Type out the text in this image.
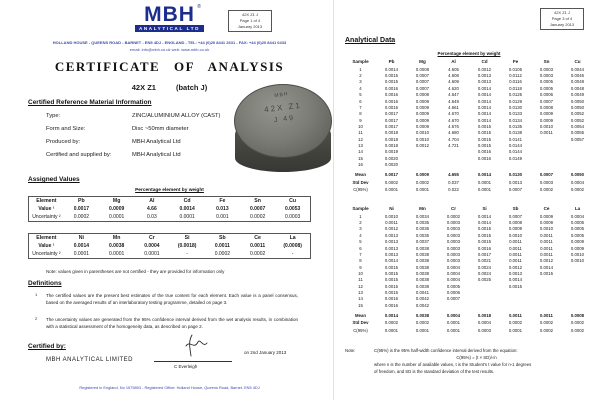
42X Z1 J
Page 1 of 4
January 2013
MBH ®
ANALYTICAL LTD
HOLLAND HOUSE - QUEENS ROAD - BARNET - EN5 4DJ - ENGLAND - TEL: +44 (0)20 8441 2631 - FAX: +44 (0)20 8441 0433
email: info@mbh.co.uk web: www.mbh.co.uk
CERTIFICATE OF ANALYSIS
42X Z1	(batch J)
Certified Reference Material Information
Type:	ZINC/ALUMINIUM ALLOY (CAST)
Form and Size:	Disc ~50mm diameter
Produced by:	MBH Analytical Ltd
Certified and supplied by:	MBH Analytical Ltd
MBH
42X Z1
J 49
Assigned Values
Percentage element by weight
Element	Pb	Mg	Al	Cd	Fe	Sn	Cu
Value ¹	0.0017	0.0009	4.66	0.0014	0.013	0.0007	0.0053
Uncertainty ²	0.0002	0.0001	0.03	0.0001	0.001	0.0002	0.0003
Element	Ni	Mn	Cr	Si	Sb	Ce	La
Value ¹	0.0014	0.0038	0.0004	(0.0018)	0.0011	0.0011	(0.0008)
Uncertainty ²	0.0001	0.0001	0.0001	-	0.0002	0.0002	-
Note: values given in parentheses are not certified - they are provided for information only
Definitions
1 The certified values are the present best estimates of the true content for each element. Each value is a panel consensus, based on the averaged results of an interlaboratory testing programme, detailed on page 3.
2 The uncertainty values are generated from the 95% confidence interval derived from the wet analysis results, in combination with a statistical assessment of the homogeneity data, as described on page 2.
Certified by:
MBH ANALYTICAL LIMITED
on 2nd January 2013
C Everleigh
Registered in England, No 1575853 - Registered Office: Holland House, Queens Road, Barnet, EN5 4DJ
42X Z1 J
Page 3 of 4
January 2013
Analytical Data
Percentage element by weight
Sample	Pb	Mg	Al	Cd	Fe	Sn	Cu
1	0.0014	0.0008	4.605	0.0012	0.0105	0.0003	0.0044
2	0.0015	0.0007	4.608	0.0013	0.0112	0.0003	0.0046
3	0.0015	0.0007	4.609	0.0013	0.0116	0.0005	0.0048
4	0.0016	0.0007	4.620	0.0014	0.0118	0.0005	0.0048
5	0.0016	0.0008	4.647	0.0014	0.0125	0.0006	0.0049
6	0.0016	0.0009	4.649	0.0014	0.0129	0.0007	0.0050
7	0.0016	0.0009	4.661	0.0014	0.0130	0.0008	0.0050
8	0.0017	0.0009	4.670	0.0014	0.0133	0.0009	0.0052
9	0.0017	0.0009	4.670	0.0014	0.0134	0.0009	0.0052
10	0.0017	0.0009	4.676	0.0015	0.0135	0.0010	0.0054
11	0.0018	0.0010	4.680	0.0015	0.0138	0.0011	0.0055
12	0.0018	0.0010	4.704	0.0015	0.0141		0.0057
13	0.0018	0.0012	4.721	0.0015	0.0144		
14	0.0019			0.0016	0.0144		
15	0.0020			0.0016	0.0149		
16	0.0020						
Mean	0.0017	0.0009	4.655	0.0014	0.0130	0.0007	0.0050
Std Dev	0.0002	0.0002	0.037	0.0001	0.0013	0.0003	0.0004
C(95%)	0.0001	0.0001	0.022	0.0001	0.0007	0.0002	0.0002
Sample	Ni	Mn	Cr	Si	Sb	Ce	La
1	0.0010	0.0034	0.0002	0.0014	0.0007	0.0009	0.0004
2	0.0011	0.0035	0.0003	0.0014	0.0008	0.0009	0.0005
3	0.0012	0.0035	0.0003	0.0015	0.0009	0.0010	0.0005
4	0.0013	0.0035	0.0003	0.0015	0.0010	0.0011	0.0005
5	0.0013	0.0037	0.0003	0.0015	0.0011	0.0011	0.0009
6	0.0013	0.0038	0.0003	0.0016	0.0011	0.0011	0.0009
7	0.0013	0.0038	0.0003	0.0017	0.0011	0.0011	0.0010
8	0.0014	0.0038	0.0003	0.0021	0.0011	0.0012	0.0010
9	0.0015	0.0038	0.0004	0.0024	0.0012	0.0014	
10	0.0015	0.0038	0.0004	0.0024	0.0013	0.0015	
11	0.0015	0.0038	0.0004	0.0025	0.0014		
12	0.0015	0.0038	0.0005		0.0015		
13	0.0015	0.0041	0.0006				
14	0.0016	0.0042	0.0007				
15	0.0016	0.0042					
Mean	0.0014	0.0038	0.0004	0.0018	0.0011	0.0011	0.0008
Std Dev	0.0002	0.0002	0.0001	0.0004	0.0002	0.0002	0.0002
C(95%)	0.0001	0.0001	0.0001	0.0003	0.0001	0.0002	0.0002
Note:	C(95%) is the 95% half-width confidence interval derived from the equation:
C(95%) = (t × SD)/√n
where n is the number of available values, t is the Student's t value for n-1 degrees
of freedom, and SD is the standard deviation of the test results.
